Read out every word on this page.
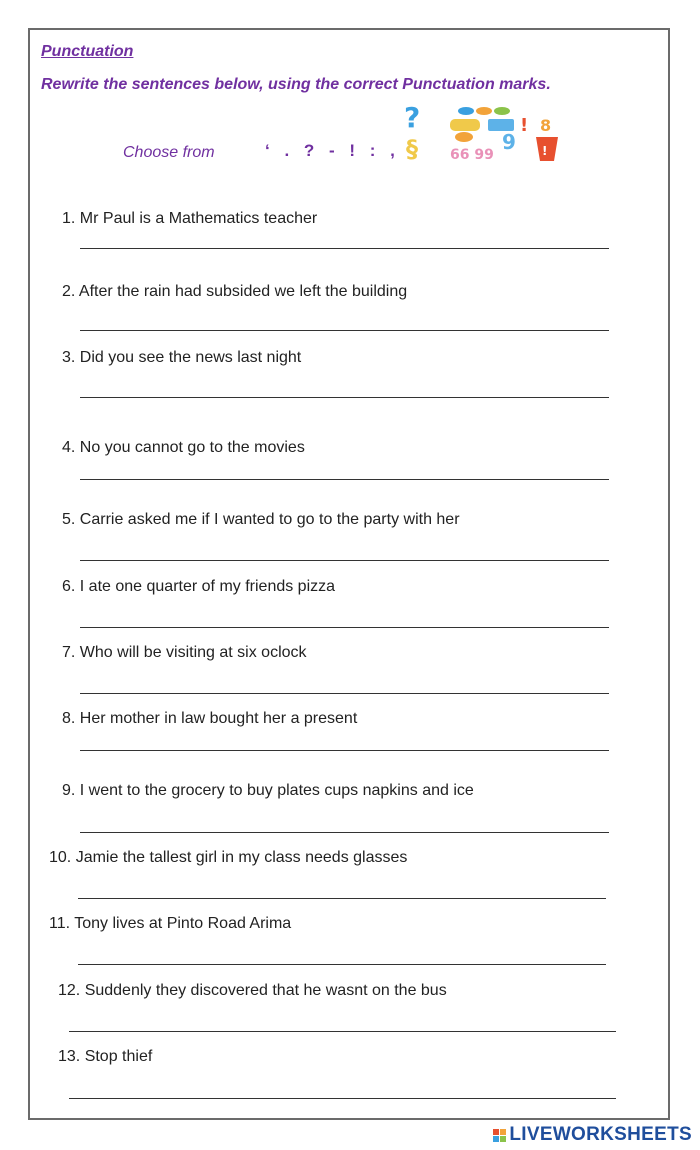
Punctuation
Rewrite the sentences below, using the correct Punctuation marks.
Choose from	‘ . ? - ! : ,
?	! 8
§ 66 99
9 !
1. Mr Paul is a Mathematics teacher
2. After the rain had subsided we left the building
3. Did you see the news last night
4. No you cannot go to the movies
5. Carrie asked me if I wanted to go to the party with her
6. I ate one quarter of my friends pizza
7. Who will be visiting at six oclock
8. Her mother in law bought her a present
9. I went to the grocery to buy plates cups napkins and ice
10. Jamie the tallest girl in my class needs glasses
11. Tony lives at Pinto Road Arima
12. Suddenly they discovered that he wasnt on the bus
13. Stop thief
LIVEWORKSHEETS
